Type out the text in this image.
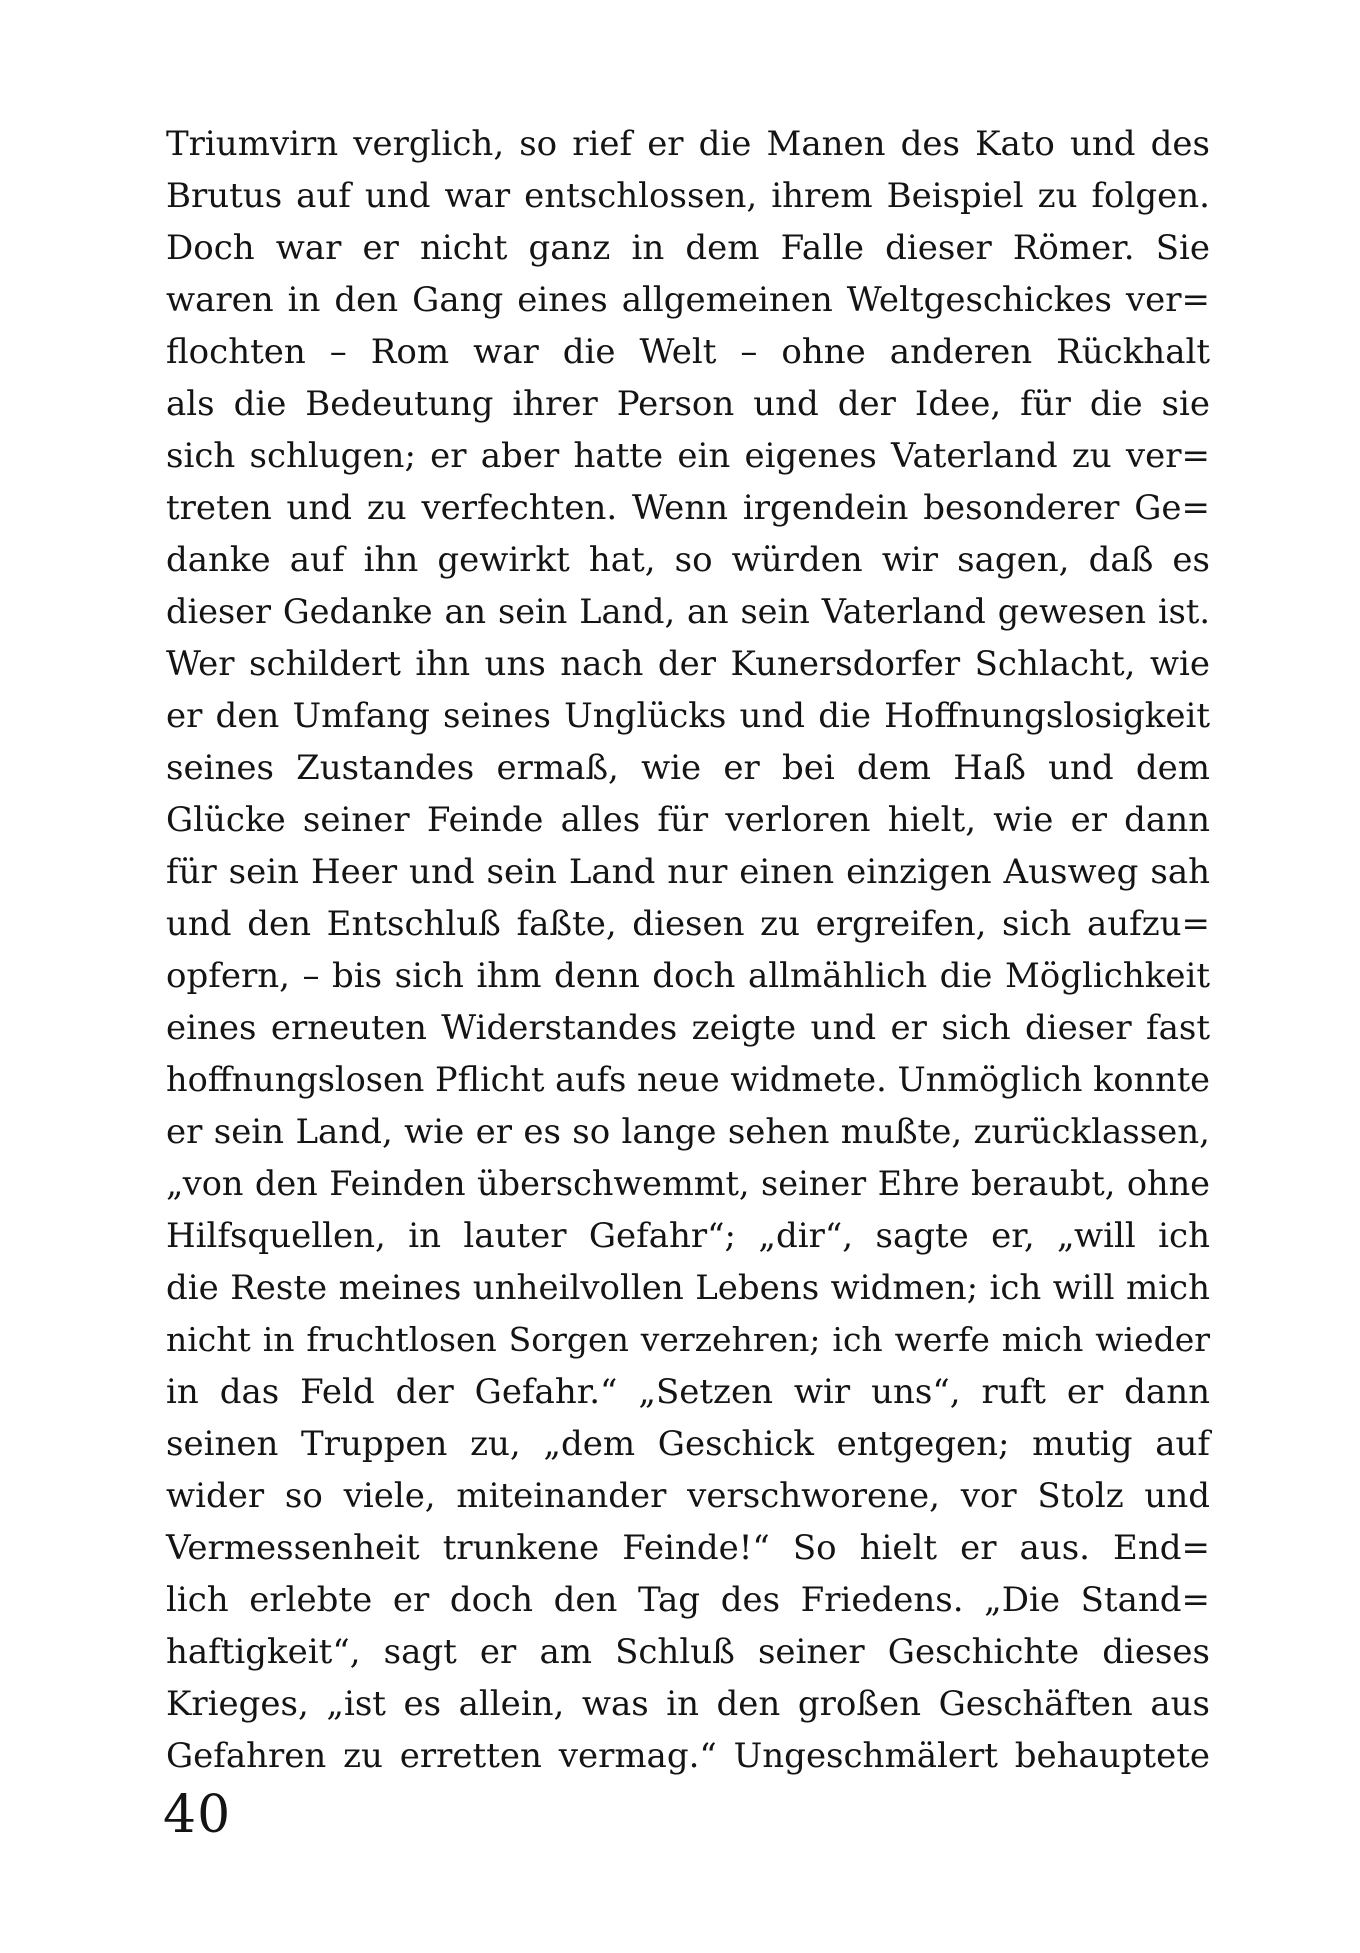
Triumvirn verglich, so rief er die Manen des Kato und des
Brutus auf und war entschlossen, ihrem Beispiel zu folgen.
Doch war er nicht ganz in dem Falle dieser Römer. Sie
waren in den Gang eines allgemeinen Weltgeschickes ver=
flochten – Rom war die Welt – ohne anderen Rückhalt
als die Bedeutung ihrer Person und der Idee, für die sie
sich schlugen; er aber hatte ein eigenes Vaterland zu ver=
treten und zu verfechten. Wenn irgendein besonderer Ge=
danke auf ihn gewirkt hat, so würden wir sagen, daß es
dieser Gedanke an sein Land, an sein Vaterland gewesen ist.
Wer schildert ihn uns nach der Kunersdorfer Schlacht, wie
er den Umfang seines Unglücks und die Hoffnungslosigkeit
seines Zustandes ermaß, wie er bei dem Haß und dem
Glücke seiner Feinde alles für verloren hielt, wie er dann
für sein Heer und sein Land nur einen einzigen Ausweg sah
und den Entschluß faßte, diesen zu ergreifen, sich aufzu=
opfern, – bis sich ihm denn doch allmählich die Möglichkeit
eines erneuten Widerstandes zeigte und er sich dieser fast
hoffnungslosen Pflicht aufs neue widmete. Unmöglich konnte
er sein Land, wie er es so lange sehen mußte, zurücklassen,
„von den Feinden überschwemmt, seiner Ehre beraubt, ohne
Hilfsquellen, in lauter Gefahr“; „dir“, sagte er, „will ich
die Reste meines unheilvollen Lebens widmen; ich will mich
nicht in fruchtlosen Sorgen verzehren; ich werfe mich wieder
in das Feld der Gefahr.“ „Setzen wir uns“, ruft er dann
seinen Truppen zu, „dem Geschick entgegen; mutig auf
wider so viele, miteinander verschworene, vor Stolz und
Vermessenheit trunkene Feinde!“ So hielt er aus. End=
lich erlebte er doch den Tag des Friedens. „Die Stand=
haftigkeit“, sagt er am Schluß seiner Geschichte dieses
Krieges, „ist es allein, was in den großen Geschäften aus
Gefahren zu erretten vermag.“ Ungeschmälert behauptete
40
